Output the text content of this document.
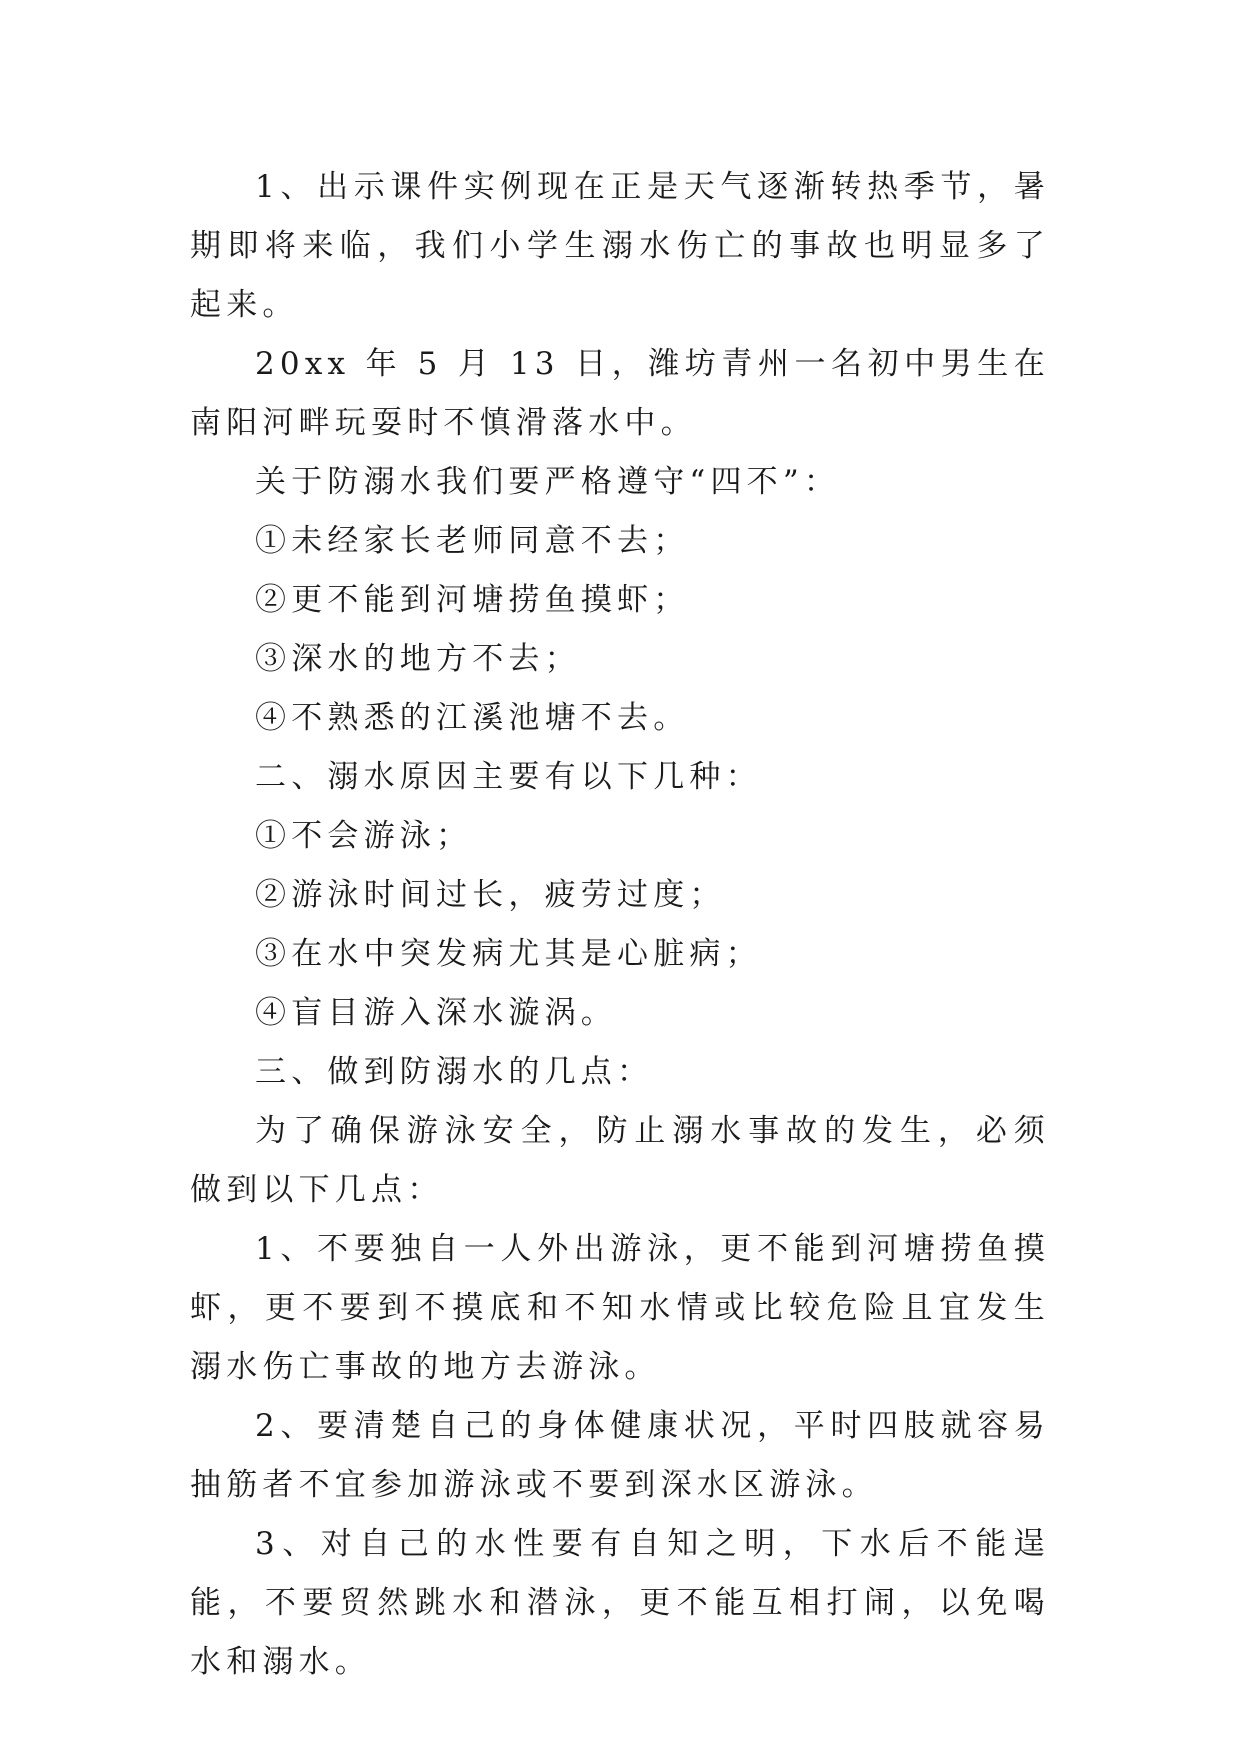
1、出示课件实例现在正是天气逐渐转热季节，暑期即将来临，我们小学生溺水伤亡的事故也明显多了起来。

20xx 年 5 月 13 日，潍坊青州一名初中男生在南阳河畔玩耍时不慎滑落水中。

关于防溺水我们要严格遵守“四不”：

①未经家长老师同意不去；

②更不能到河塘捞鱼摸虾；

③深水的地方不去；

④不熟悉的江溪池塘不去。

二、溺水原因主要有以下几种：

①不会游泳；

②游泳时间过长，疲劳过度；

③在水中突发病尤其是心脏病；

④盲目游入深水漩涡。

三、做到防溺水的几点：

为了确保游泳安全，防止溺水事故的发生，必须做到以下几点：

1、不要独自一人外出游泳，更不能到河塘捞鱼摸虾，更不要到不摸底和不知水情或比较危险且宜发生溺水伤亡事故的地方去游泳。

2、要清楚自己的身体健康状况，平时四肢就容易抽筋者不宜参加游泳或不要到深水区游泳。

3、对自己的水性要有自知之明，下水后不能逞能，不要贸然跳水和潜泳，更不能互相打闹，以免喝水和溺水。
